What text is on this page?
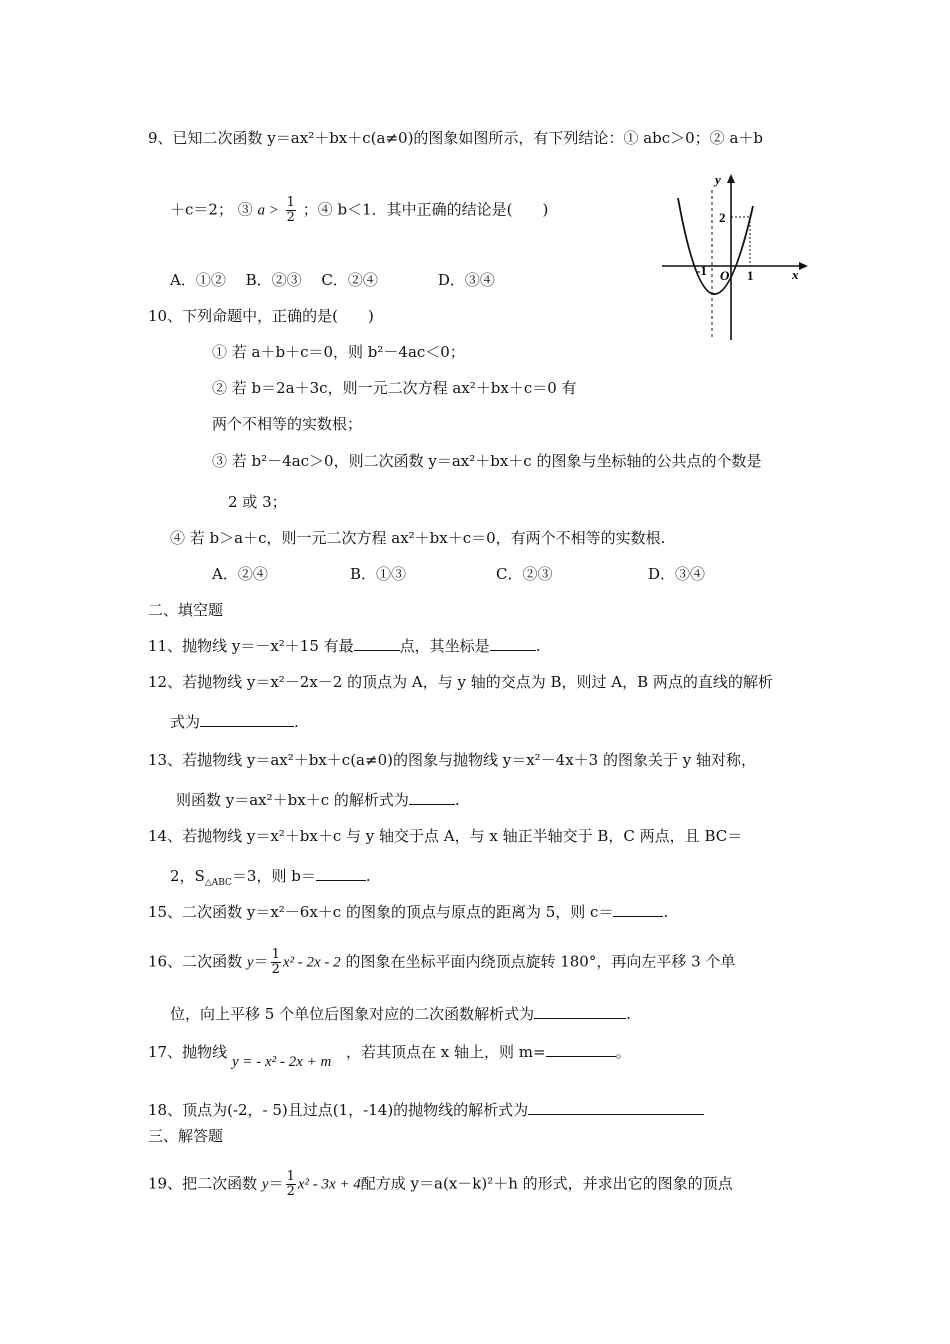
9、已知二次函数 y＝ax²＋bx＋c(a≠0)的图象如图所示，有下列结论：① abc＞0；② a＋b
＋c＝2； ③ $a > \frac{1}{2}$ ；④ b＜1．其中正确的结论是(　　)
A．①②　 B．②③　 C．②④　　　　D．③④
y
x
O
-1	1
2
10、下列命题中，正确的是(　　)
① 若 a＋b＋c＝0，则 b²－4ac＜0；
② 若 b＝2a＋3c，则一元二次方程 ax²＋bx＋c＝0 有
两个不相等的实数根；
③ 若 b²－4ac＞0，则二次函数 y＝ax²＋bx＋c 的图象与坐标轴的公共点的个数是
2 或 3；
④ 若 b＞a＋c，则一元二次方程 ax²＋bx＋c＝0，有两个不相等的实数根.
A．②④	B．①③	C．②③	D．③④
二、填空题
11、抛物线 y＝－x²＋15 有最	点，其坐标是	.
12、若抛物线 y＝x²－2x－2 的顶点为 A，与 y 轴的交点为 B，则过 A，B 两点的直线的解析
式为	.
13、若抛物线 y＝ax²＋bx＋c(a≠0)的图象与抛物线 y＝x²－4x＋3 的图象关于 y 轴对称，
则函数 y＝ax²＋bx＋c 的解析式为	.
14、若抛物线 y＝x²＋bx＋c 与 y 轴交于点 A，与 x 轴正半轴交于 B，C 两点，且 BC＝
2，$S_{\triangle ABC}=3$，则 b＝	.
15、二次函数 y＝x²－6x＋c 的图象的顶点与原点的距离为 5，则 c＝	.
16、二次函数 $y= \frac{1}{2} x^2 - 2x - 2$ 的图象在坐标平面内绕顶点旋转 180°，再向左平移 3 个单
位，向上平移 5 个单位后图象对应的二次函数解析式为	.
17、抛物线
y = - x² - 2x + m
，若其顶点在 x 轴上，则 m=	。
18、顶点为(-2，- 5)且过点(1，-14)的抛物线的解析式为
三、解答题
19、把二次函数 $y= \frac{1}{2} x^2 - 3x + 4$配方成 y＝a(x－k)²＋h 的形式，并求出它的图象的顶点
